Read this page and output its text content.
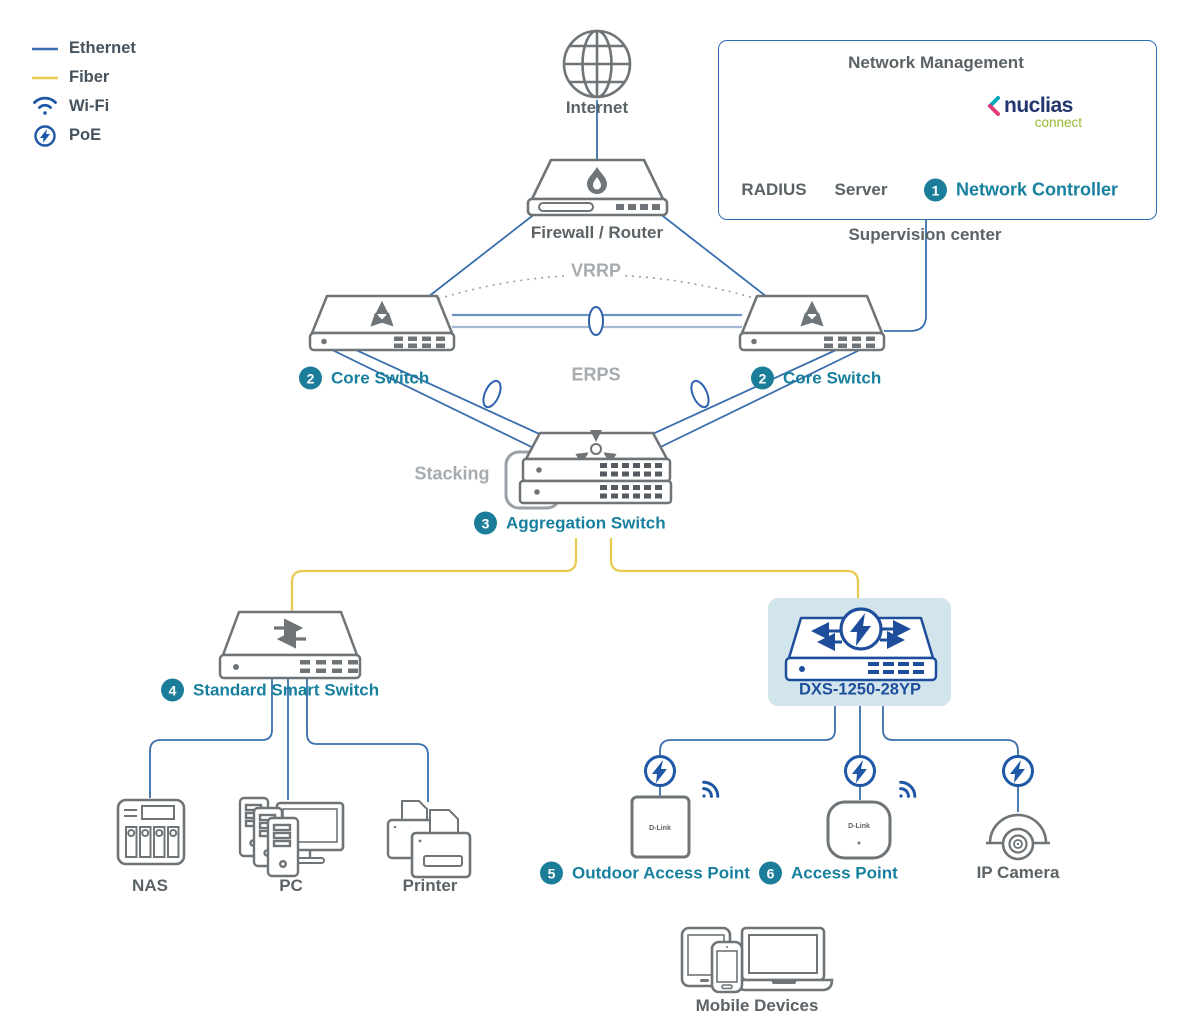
D-Link	D-Link
Ethernet
Fiber
Wi-Fi
PoE
Network Management
nuclias
connect
RADIUS Server	1 Network Controller
Supervision center
Internet
Firewall / Router
VRRP
ERPS
Stacking
2 Core Switch	2 Core Switch
3 Aggregation Switch
4 Standard Smart Switch	DXS-1250-28YP
NAS	PC	Printer
5 Outdoor Access Point	6 Access Point	IP Camera
Mobile Devices
